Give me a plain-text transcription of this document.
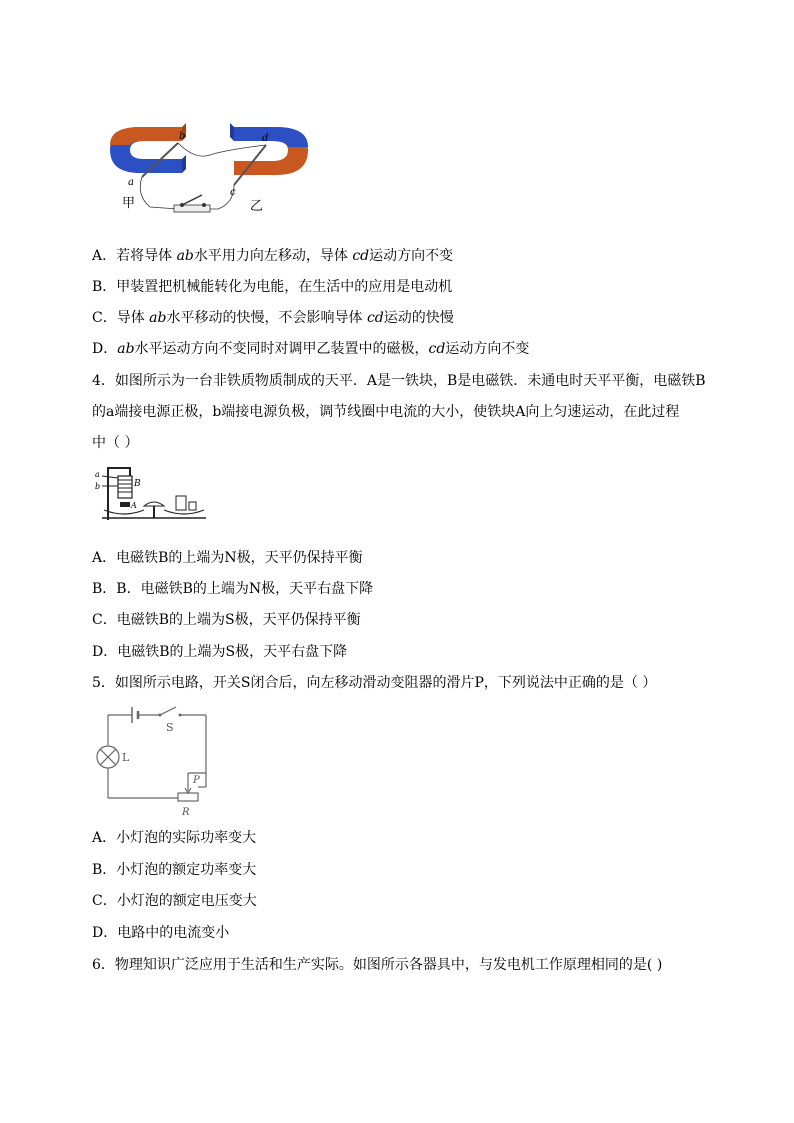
b
a
d
c
甲	乙
A．若将导体 ab水平用力向左移动，导体 cd运动方向不变
B．甲装置把机械能转化为电能，在生活中的应用是电动机
C．导体 ab水平移动的快慢，不会影响导体 cd运动的快慢
D．ab水平运动方向不变同时对调甲乙装置中的磁极，cd运动方向不变
4．如图所示为一台非铁质物质制成的天平．A是一铁块，B是电磁铁．未通电时天平平衡，电磁铁B
的a端接电源正极，b端接电源负极，调节线圈中电流的大小，使铁块A向上匀速运动，在此过程
中（ ）
a
b	B
A
A．电磁铁B的上端为N极，天平仍保持平衡
B．B．电磁铁B的上端为N极，天平右盘下降
C．电磁铁B的上端为S极，天平仍保持平衡
D．电磁铁B的上端为S极，天平右盘下降
5．如图所示电路，开关S闭合后，向左移动滑动变阻器的滑片P，下列说法中正确的是（ ）
S
L
P
R
A．小灯泡的实际功率变大
B．小灯泡的额定功率变大
C．小灯泡的额定电压变大
D．电路中的电流变小
6．物理知识广泛应用于生活和生产实际。如图所示各器具中，与发电机工作原理相同的是( )
